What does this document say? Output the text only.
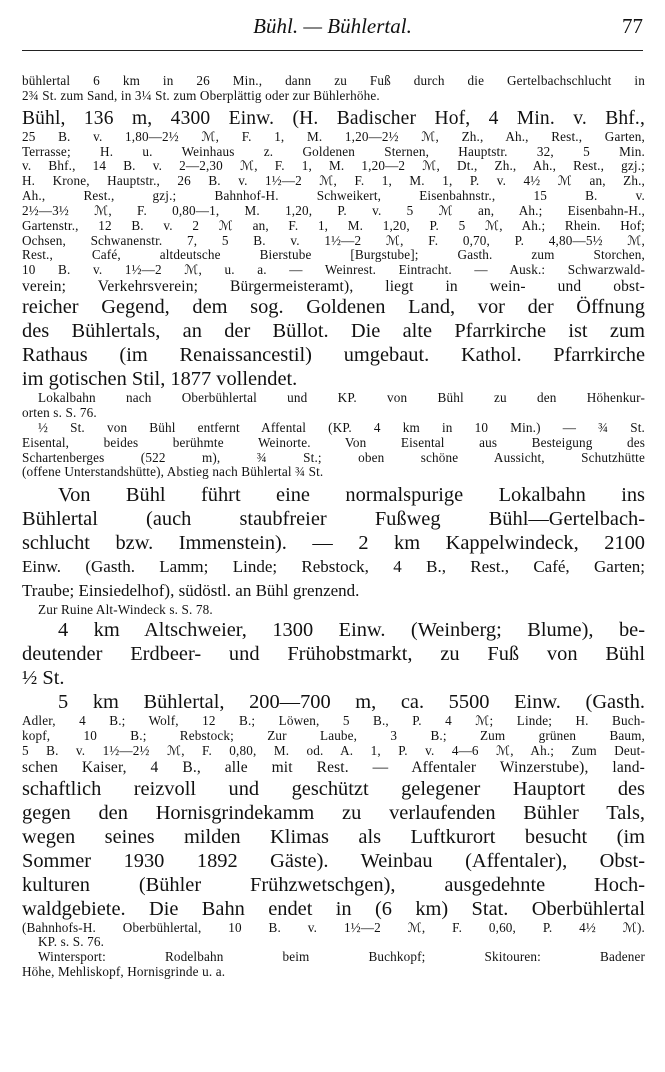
Bühl. — Bühlertal.	77
bühlertal 6 km in 26 Min., dann zu Fuß durch die Gertelbachschlucht in
2¾ St. zum Sand, in 3¼ St. zum Oberplättig oder zur Bühlerhöhe.
Bühl, 136 m, 4300 Einw. (H. Badischer Hof, 4 Min. v. Bhf.,
25 B. v. 1,80—2½ ℳ, F. 1, M. 1,20—2½ ℳ, Zh., Ah., Rest., Garten,
Terrasse; H. u. Weinhaus z. Goldenen Sternen, Hauptstr. 32, 5 Min.
v. Bhf., 14 B. v. 2—2,30 ℳ, F. 1, M. 1,20—2 ℳ, Dt., Zh., Ah., Rest., gzj.;
H. Krone, Hauptstr., 26 B. v. 1½—2 ℳ, F. 1, M. 1, P. v. 4½ ℳ an, Zh.,
Ah., Rest., gzj.; Bahnhof-H. Schweikert, Eisenbahnstr., 15 B. v.
2½—3½ ℳ, F. 0,80—1, M. 1,20, P. v. 5 ℳ an, Ah.; Eisenbahn-H.,
Gartenstr., 12 B. v. 2 ℳ an, F. 1, M. 1,20, P. 5 ℳ, Ah.; Rhein. Hof;
Ochsen, Schwanenstr. 7, 5 B. v. 1½—2 ℳ, F. 0,70, P. 4,80—5½ ℳ,
Rest., Café, altdeutsche Bierstube [Burgstube]; Gasth. zum Storchen,
10 B. v. 1½—2 ℳ, u. a. — Weinrest. Eintracht. — Ausk.: Schwarzwald-
verein; Verkehrsverein; Bürgermeisteramt), liegt in wein- und obst-
reicher Gegend, dem sog. Goldenen Land, vor der Öffnung
des Bühlertals, an der Büllot. Die alte Pfarrkirche ist zum
Rathaus (im Renaissancestil) umgebaut. Kathol. Pfarrkirche
im gotischen Stil, 1877 vollendet.
Lokalbahn nach Oberbühlertal und KP. von Bühl zu den Höhenkur-
orten s. S. 76.
½ St. von Bühl entfernt Affental (KP. 4 km in 10 Min.) — ¾ St.
Eisental, beides berühmte Weinorte. Von Eisental aus Besteigung des
Schartenberges (522 m), ¾ St.; oben schöne Aussicht, Schutzhütte
(offene Unterstandshütte), Abstieg nach Bühlertal ¾ St.
Von Bühl führt eine normalspurige Lokalbahn ins
Bühlertal (auch staubfreier Fußweg Bühl—Gertelbach-
schlucht bzw. Immenstein). — 2 km Kappelwindeck, 2100
Einw. (Gasth. Lamm; Linde; Rebstock, 4 B., Rest., Café, Garten;
Traube; Einsiedelhof), südöstl. an Bühl grenzend.
Zur Ruine Alt-Windeck s. S. 78.
4 km Altschweier, 1300 Einw. (Weinberg; Blume), be-
deutender Erdbeer- und Frühobstmarkt, zu Fuß von Bühl
½ St.
5 km Bühlertal, 200—700 m, ca. 5500 Einw. (Gasth.
Adler, 4 B.; Wolf, 12 B.; Löwen, 5 B., P. 4 ℳ; Linde; H. Buch-
kopf, 10 B.; Rebstock; Zur Laube, 3 B.; Zum grünen Baum,
5 B. v. 1½—2½ ℳ, F. 0,80, M. od. A. 1, P. v. 4—6 ℳ, Ah.; Zum Deut-
schen Kaiser, 4 B., alle mit Rest. — Affentaler Winzerstube), land-
schaftlich reizvoll und geschützt gelegener Hauptort des
gegen den Hornisgrindekamm zu verlaufenden Bühler Tals,
wegen seines milden Klimas als Luftkurort besucht (im
Sommer 1930 1892 Gäste). Weinbau (Affentaler), Obst-
kulturen (Bühler Frühzwetschgen), ausgedehnte Hoch-
waldgebiete. Die Bahn endet in (6 km) Stat. Oberbühlertal
(Bahnhofs-H. Oberbühlertal, 10 B. v. 1½—2 ℳ, F. 0,60, P. 4½ ℳ).
KP. s. S. 76.
Wintersport: Rodelbahn beim Buchkopf; Skitouren: Badener
Höhe, Mehliskopf, Hornisgrinde u. a.
